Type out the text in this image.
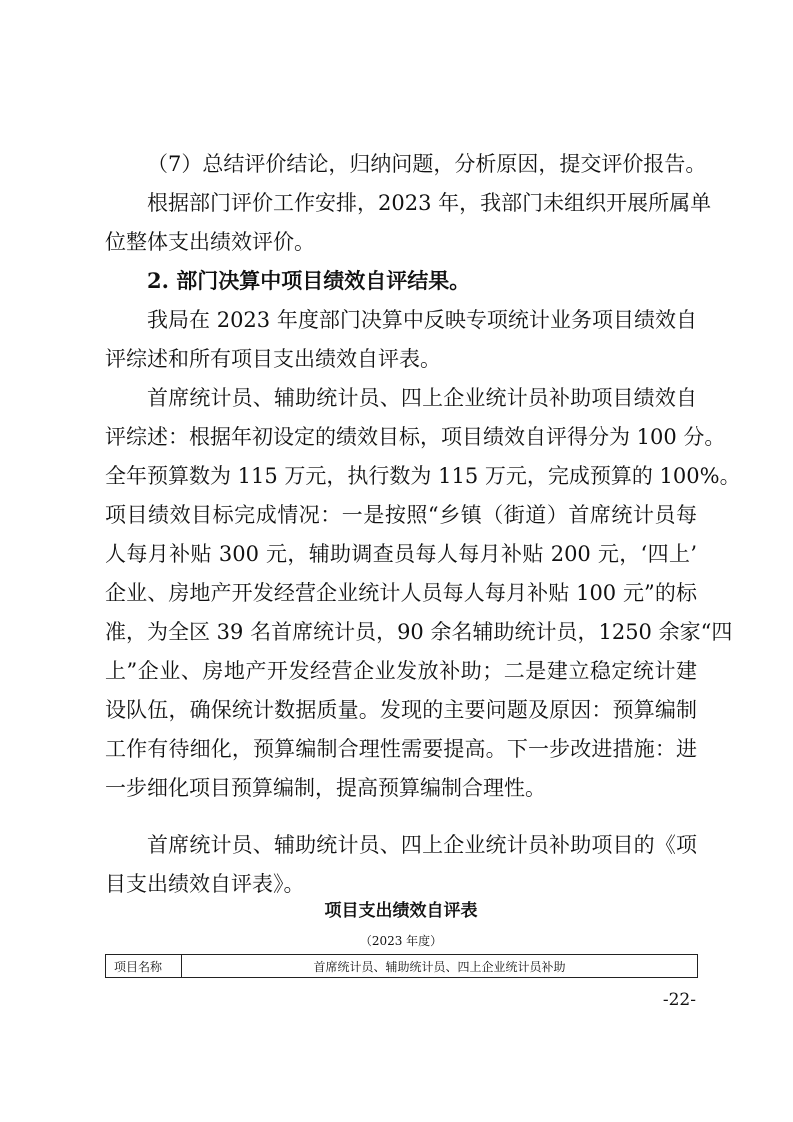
（7）总结评价结论，归纳问题，分析原因，提交评价报告。
根据部门评价工作安排，2023 年，我部门未组织开展所属单
位整体支出绩效评价。
2. 部门决算中项目绩效自评结果。
我局在 2023 年度部门决算中反映专项统计业务项目绩效自
评综述和所有项目支出绩效自评表。
首席统计员、辅助统计员、四上企业统计员补助项目绩效自
评综述：根据年初设定的绩效目标，项目绩效自评得分为 100 分。
全年预算数为 115 万元，执行数为 115 万元，完成预算的 100%。
项目绩效目标完成情况：一是按照“乡镇（街道）首席统计员每
人每月补贴 300 元，辅助调查员每人每月补贴 200 元，‘四上’
企业、房地产开发经营企业统计人员每人每月补贴 100 元”的标
准，为全区 39 名首席统计员，90 余名辅助统计员，1250 余家“四
上”企业、房地产开发经营企业发放补助；二是建立稳定统计建
设队伍，确保统计数据质量。发现的主要问题及原因：预算编制
工作有待细化，预算编制合理性需要提高。下一步改进措施：进
一步细化项目预算编制，提高预算编制合理性。
首席统计员、辅助统计员、四上企业统计员补助项目的《项
目支出绩效自评表》。
项目支出绩效自评表
（2023 年度）
项目名称	首席统计员、辅助统计员、四上企业统计员补助
-22-
